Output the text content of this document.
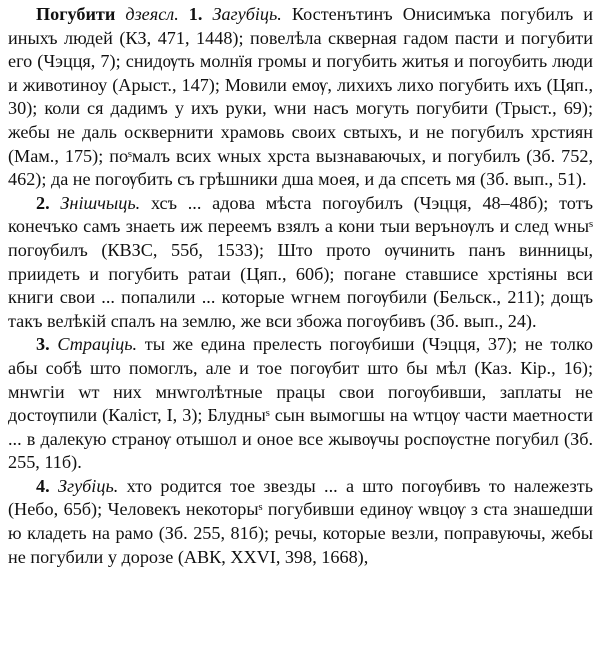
Погубити дзеясл. 1. Загубіць. Костенътинъ Онисимъка погубилъ и иныхъ людей (КЗ, 471, 1448); повелѣла скверная гадом пасти и погубити его (Чэцця, 7); снидѹть молнїя громы и погубить житья и погоубить люди и животиноу (Арыст., 147); Мовили емѹ, лихихъ лихо погубить ихъ (Цяп., 30); коли ся дадимъ у ихъ руки, wни насъ могуть погубити (Трыст., 69); жебы не даль осквернити храмовь своих свтыхъ, и не погубилъ хрстиян (Мам., 175); поˢмалъ всих wных хрста вызнаваючых, и погубилъ (Зб. 752, 462); да не погѹбить съ грѣшники дша моея, и да спсеть мя (Зб. вып., 51).

2. Знішчыць. хсъ ... адова мѣста погоубилъ (Чэцця, 48–48б); тотъ конечъко самъ знаеть иж переемъ взялъ а кони тыи верънѹлъ и след wныˢ погѹбилъ (КВЗС, 55б, 1533); Што прото ѹчинить панъ винницы, приидеть и погубить ратаи (Цяп., 60б); погане ставшисе хрстіяны вси книги свои ... попалили ... которые wгнем погѹбили (Бельск., 211); дощъ такъ велѣкій спалъ на землю, же вси збожа погѹбивъ (Зб. вып., 24).

3. Страціць. ты же едина прелесть погѹбиши (Чэцця, 37); не толко абы собѣ што помоглъ, але и тое погѹбит што бы мѣл (Каз. Кір., 16); мнwгiи wт них мнwголѣтные працы свои погѹбивши, заплаты не достѹпили (Каліст, I, 3); Блудныˢ сын вымогшы на wтцѹ части маетности ... в далекую странѹ отышол и оное все жывѹчы роспѹстне погубил (Зб. 255, 11б).

4. Згубіць. хто родится тое звезды ... а што погѹбивъ то належезть (Небо, 65б); Человекъ некоторыˢ погубивши единѹ wвцѹ з ста знашедши ю кладеть на рамо (Зб. 255, 81б); речы, которые везли, поправуючы, жебы не погубили у дорозе (АВК, XXVI, 398, 1668),
